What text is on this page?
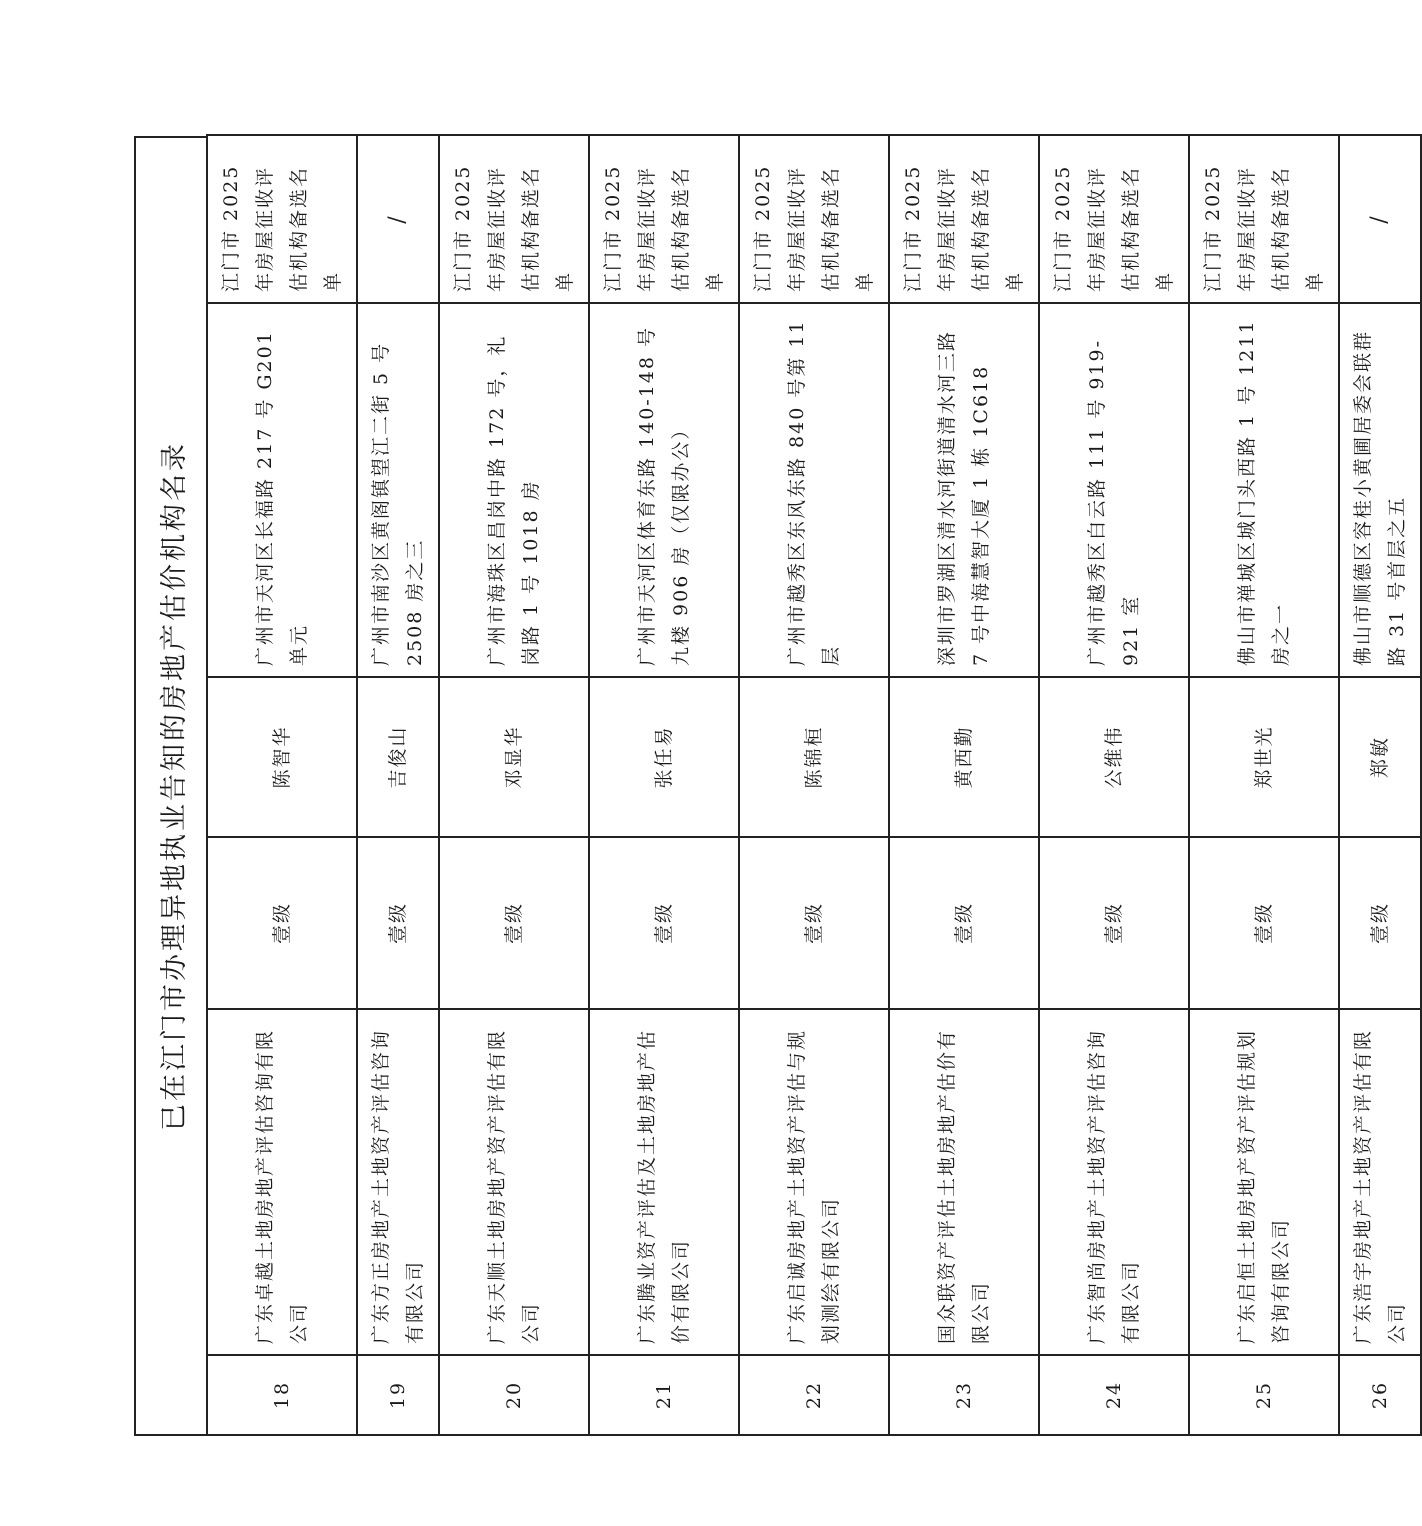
已在江门市办理异地执业告知的房地产估价机构名录
18	广东卓越土地房地产评估咨询有限公司	壹级	陈智华	广州市天河区长福路 217 号 G201 单元	江门市 2025 年房屋征收评估机构备选名单
19	广东方正房地产土地资产评估咨询有限公司	壹级	吉俊山	广州市南沙区黄阁镇望江二街 5 号 2508 房之三	/
20	广东天顺土地房地产资产评估有限公司	壹级	邓显华	广州市海珠区昌岗中路 172 号，礼岗路 1 号 1018 房	江门市 2025 年房屋征收评估机构备选名单
21	广东腾业资产评估及土地房地产估价有限公司	壹级	张任易	广州市天河区体育东路 140-148 号九楼 906 房（仅限办公）	江门市 2025 年房屋征收评估机构备选名单
22	广东启诚房地产土地资产评估与规划测绘有限公司	壹级	陈锦桓	广州市越秀区东风东路 840 号第 11 层	江门市 2025 年房屋征收评估机构备选名单
23	国众联资产评估土地房地产估价有限公司	壹级	黄西勤	深圳市罗湖区清水河街道清水河三路 7 号中海慧智大厦 1 栋 1C618	江门市 2025 年房屋征收评估机构备选名单
24	广东智尚房地产土地资产评估咨询有限公司	壹级	公维伟	广州市越秀区白云路 111 号 919-921 室	江门市 2025 年房屋征收评估机构备选名单
25	广东启恒土地房地产资产评估规划咨询有限公司	壹级	郑世光	佛山市禅城区城门头西路 1 号 1211 房之一	江门市 2025 年房屋征收评估机构备选名单
26	广东浩宇房地产土地资产评估有限公司	壹级	郑敏	佛山市顺德区容桂小黄圃居委会联群路 31 号首层之五	/
